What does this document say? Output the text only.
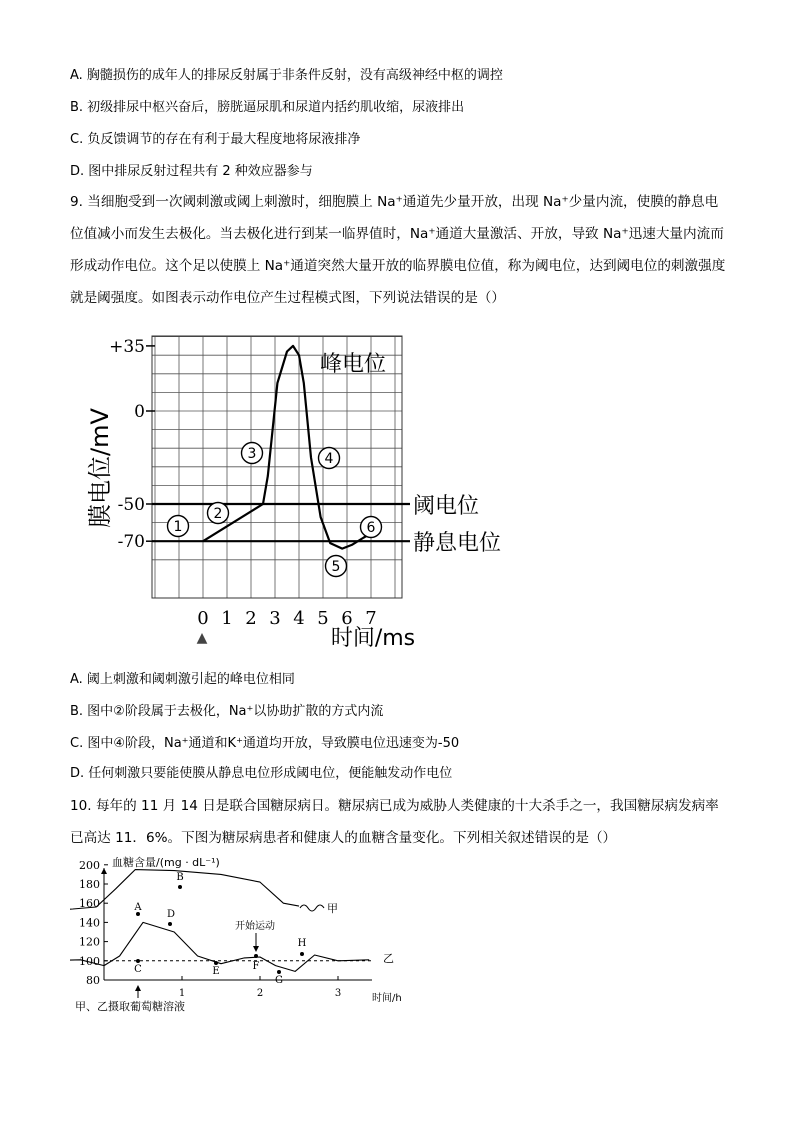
A. 胸髓损伤的成年人的排尿反射属于非条件反射，没有高级神经中枢的调控
B. 初级排尿中枢兴奋后，膀胱逼尿肌和尿道内括约肌收缩，尿液排出
C. 负反馈调节的存在有利于最大程度地将尿液排净
D. 图中排尿反射过程共有 2 种效应器参与
9. 当细胞受到一次阈刺激或阈上刺激时，细胞膜上 Na⁺通道先少量开放，出现 Na⁺少量内流，使膜的静息电位值减小而发生去极化。当去极化进行到某一临界值时，Na⁺通道大量激活、开放，导致 Na⁺迅速大量内流而形成动作电位。这个足以使膜上 Na⁺通道突然大量开放的临界膜电位值，称为阈电位，达到阈电位的刺激强度就是阈强度。如图表示动作电位产生过程模式图，下列说法错误的是（）
+35
0
-50
-70
0 1 2 3 4 5 6 7
阈电位
静息电位
膜电位/mV
时间/ms
峰电位
▲
1
2
3	4
5
6
A. 阈上刺激和阈刺激引起的峰电位相同
B. 图中②阶段属于去极化，Na⁺以协助扩散的方式内流
C. 图中④阶段，Na⁺通道和K⁺通道均开放，导致膜电位迅速变为-50
D. 任何刺激只要能使膜从静息电位形成阈电位，便能触发动作电位
10. 每年的 11 月 14 日是联合国糖尿病日。糖尿病已成为威胁人类健康的十大杀手之一，我国糖尿病发病率已高达 11．6%。下图为糖尿病患者和健康人的血糖含量变化。下列相关叙述错误的是（）
200
180
160
140
120
100
80
1	2	3
血糖含量/(mg · dL⁻¹)
时间/h
甲
乙
A
B
C
D
E	F
G
H
开始运动
甲、乙摄取葡萄糖溶液
